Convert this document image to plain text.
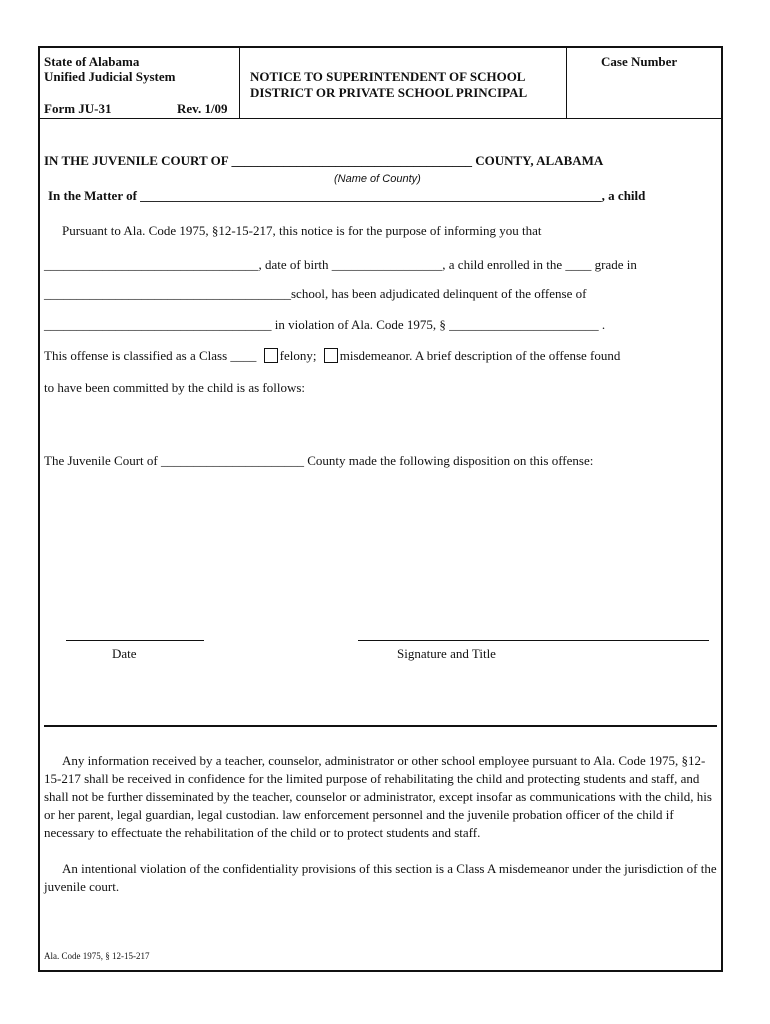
State of Alabama
Unified Judicial System
Form JU-31	Rev. 1/09
NOTICE TO SUPERINTENDENT OF SCHOOL
DISTRICT OR PRIVATE SCHOOL PRINCIPAL
Case Number
IN THE JUVENILE COURT OF _____________________________________ COUNTY, ALABAMA
(Name of County)
In the Matter of _______________________________________________________________________, a child
Pursuant to Ala. Code 1975, §12-15-217, this notice is for the purpose of informing you that
_________________________________, date of birth _________________, a child enrolled in the ____ grade in
______________________________________school, has been adjudicated delinquent of the offense of
___________________________________ in violation of Ala. Code 1975, § _______________________ .
This offense is classified as a Class ____ felony; misdemeanor. A brief description of the offense found
to have been committed by the child is as follows:
The Juvenile Court of ______________________ County made the following disposition on this offense:
Date	Signature and Title
Any information received by a teacher, counselor, administrator or other school employee pursuant to Ala. Code 1975, §12-15-217 shall be received in confidence for the limited purpose of rehabilitating the child and protecting students and staff, and shall not be further disseminated by the teacher, counselor or administrator, except insofar as communications with the child, his or her parent, legal guardian, legal custodian. law enforcement personnel and the juvenile probation officer of the child if necessary to effectuate the rehabilitation of the child or to protect students and staff.
An intentional violation of the confidentiality provisions of this section is a Class A misdemeanor under the jurisdiction of the juvenile court.
Ala. Code 1975, § 12-15-217
